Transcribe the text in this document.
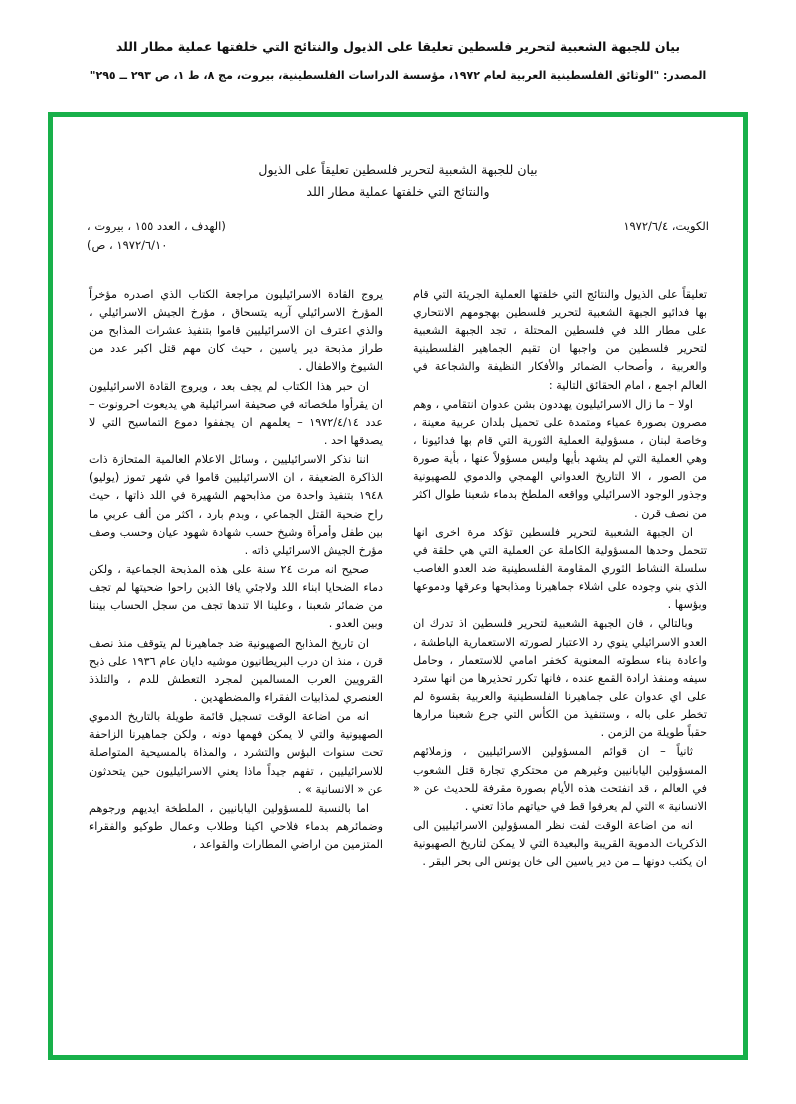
بيان للجبهة الشعبية لتحرير فلسطين تعليقا على الذيول والنتائج التي خلفتها عملية مطار اللد
المصدر: "الوثائق الفلسطينية العربية لعام ١٩٧٢، مؤسسة الدراسات الفلسطينية، بيروت، مج ٨، ط ١، ص ٢٩٣ ــ ٢٩٥"
بيان للجبهة الشعبية لتحرير فلسطين تعليقاً على الذيول
والنتائج التي خلفتها عملية مطار اللد
الكويت، ١٩٧٢/٦/٤
(الهدف ، العدد ١٥٥ ، بيروت ،
١٩٧٢/٦/١٠ ، ص)

تعليقاً على الذيول والنتائج التي خلفتها العملية الجريئة التي قام بها فدائيو الجبهة الشعبية لتحرير فلسطين بهجومهم الانتحاري على مطار اللد في فلسطين المحتلة ، تجد الجبهة الشعبية لتحرير فلسطين من واجبها ان تقيم الجماهير الفلسطينية والعربية ، وأصحاب الضمائر والأفكار النظيفة والشجاعة في العالم اجمع ، امام الحقائق التالية :

اولا – ما زال الاسرائيليون يهددون بشن عدوان انتقامي ، وهم مصرون بصورة عمياء ومتمدة على تحميل بلدان عربية معينة ، وخاصة لبنان ، مسؤولية العملية الثورية التي قام بها فدائيونا ، وهي العملية التي لم يشهد بأيها وليس مسؤولاً عنها ، بأية صورة من الصور ، الا التاريخ العدواني الهمجي والدموي للصهيونية وجذور الوجود الاسرائيلي وواقعه الملطخ بدماء شعبنا طوال اكثر من نصف قرن .

ان الجبهة الشعبية لتحرير فلسطين تؤكد مرة اخرى انها تتحمل وحدها المسؤولية الكاملة عن العملية التي هي حلقة في سلسلة النشاط الثوري المقاومة الفلسطينية ضد العدو الغاصب الذي بني وجوده على اشلاء جماهيرنا ومذابحها وعرقها ودموعها وبؤسها .

وبالتالي ، فان الجبهة الشعبية لتحرير فلسطين اذ تدرك ان العدو الاسرائيلي ينوي رد الاعتبار لصورته الاستعمارية الباطشة ، واعادة بناء سطوته المعنوية كخفر امامي للاستعمار ، وحامل سيفه ومنفذ ارادة القمع عنده ، فانها تكرر تحذيرها من انها سترد على اي عدوان على جماهيرنا الفلسطينية والعربية بقسوة لم تخطر على باله ، وستنفيذ من الكأس التي جرع شعبنا مرارها حقباً طويلة من الزمن .

ثانياً – ان قوائم المسؤولين الاسرائيليين ، وزملائهم المسؤولين اليابانيين وغيرهم من محتكري تجارة قتل الشعوب في العالم ، قد انفتحت هذه الأيام بصورة مقرفة للحديث عن « الانسانية » التي لم يعرفوا قط في حياتهم ماذا تعني .

انه من اضاعة الوقت لفت نظر المسؤولين الاسرائيليين الى الذكريات الدموية القريبة والبعيدة التي لا يمكن لتاريخ الصهيونية ان يكتب دونها ــ من دير ياسين الى خان يونس الى بحر البقر .

يروج القادة الاسرائيليون مراجعة الكتاب الذي اصدره مؤخراً المؤرخ الاسرائيلي آريه يتسحاق ، مؤرخ الجيش الاسرائيلي ، والذي اعترف ان الاسرائيليين قاموا بتنفيذ عشرات المذابح من طراز مذبحة دير ياسين ، حيث كان مهم قتل اكبر عدد من الشيوخ والاطفال .

ان حبر هذا الكتاب لم يجف بعد ، ويروج القادة الاسرائيليون ان يقرأوا ملخصاته في صحيفة اسرائيلية هي يديعوت احرونوت – عدد ١٩٧٢/٤/١٤ – يعلمهم ان يجففوا دموع التماسيح التي لا يصدقها احد .

اننا نذكر الاسرائيليين ، وسائل الاعلام العالمية المتحازة ذات الذاكرة الضعيفة ، ان الاسرائيليين قاموا في شهر تموز (يوليو) ١٩٤٨ بتنفيذ واحدة من مذابحهم الشهيرة في اللد ذاتها ، حيث راح ضحية القتل الجماعي ، وبدم بارد ، اكثر من ألف عربي ما بين طفل وأمرأة وشيخ حسب شهادة شهود عيان وحسب وصف مؤرخ الجيش الاسرائيلي ذاته .

صحيح انه مرت ٢٤ سنة على هذه المذبحة الجماعية ، ولكن دماء الضحايا ابناء اللد ولاجئي يافا الذين راحوا ضحيتها لم تجف من ضمائر شعبنا ، وعلينا الا تندها تجف من سجل الحساب بيننا وبين العدو .

ان تاريخ المذابح الصهيونية ضد جماهيرنا لم يتوقف منذ نصف قرن ، منذ ان درب البريطانيون موشيه دايان عام ١٩٣٦ على ذبح القرويين العرب المسالمين لمجرد التعطش للدم ، والتلذذ العنصري لمذابيات الفقراء والمضطهدين .

انه من اضاعة الوقت تسجيل قائمة طويلة بالتاريخ الدموي الصهيونية والتي لا يمكن فهمها دونه ، ولكن جماهيرنا الزاحفة تحت سنوات البؤس والتشرد ، والمذاة بالمسيحية المتواصلة للاسرائيليين ، تفهم جيداً ماذا يعني الاسرائيليون حين يتحدثون عن « الانسانية » .

اما بالنسبة للمسؤولين اليابانيين ، الملطخة ايديهم ورجوهم وضمائرهم بدماء فلاحي اكينا وطلاب وعمال طوكيو والفقراء المتزمين من اراضي المطارات والقواعد ،
